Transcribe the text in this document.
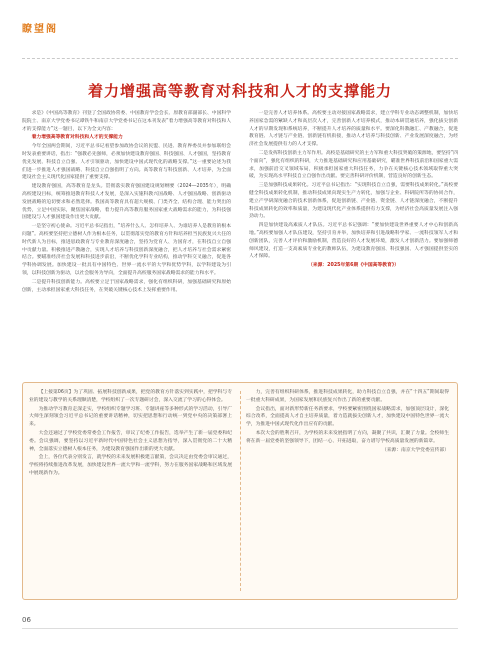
瞭望阁
着力增强高等教育对科技和人才的支撑能力

求是》《中国高等教育》刊登了全国政协常委、中国教育学会会长、原教育部副部长、中国科学院院士、南京大学党委书记谭铁牛和南京大学党委书记在这本刊发表“着力增强高等教育对科技和人才的支撑能力”这一题目，以下为全文内容：

着力增强高等教育对科技和人才的支撑能力

今年全国两会期间，习近平总书记看望参加政协会议的民盟、民进、教育界委员并参加联组会时发表重要讲话，指出：“强教必先强师，必须加快建设教育强国、科技强国、人才强国，坚持教育优先发展、科技自立自强、人才引领驱动，加快建设中国式现代化的战略支撑。”这一重要论述为我们进一步推进人才强国战略、科技自立自强指明了方向。高等教育与科技创新、人才培养，为全面建设社会主义现代化国家提供了重要支撑。

建设教育强国，高等教育是龙头。贯彻落实教育强国建设规划纲要（2024—2035年），明确高校建设目标，统筹推进教育科技人才发展，是深入实施科教兴国战略、人才强国战略、创新驱动发展战略的迫切要求和必然选择。我国高等教育具有超大规模、门类齐全、结构合理、能力突出的优势，立足中国实际，聚焦国家战略，着力提升高等教育服务国家重大战略需求的能力，为科技强国建设与人才强国建设作出更大贡献。

一是坚守初心使命。习近平总书记指出，“培养什么人、怎样培养人、为谁培养人是教育的根本问题”。高校要坚持把立德树人作为根本任务，以贯彻落实党的教育方针和培养担当民族复兴大任的时代新人为目标，推进思政教育与专业教育深度融合，坚持为党育人、为国育才，在科技自立自强中贡献力量。积极推进产教融合，实现人才培养与科技创新深度融合，把人才培养与社会需求紧密结合。要瞄准经济社会发展和科技进步前沿，不断优化学科专业结构，推动学科交叉融合，促进各学科协调发展。加快建设一批具有中国特色、世界一流水平的大学和优势学科，以学科建设为引领，以科技创新为驱动，以社会服务为导向，全面提升高校服务国家战略需求的能力和水平。

二是提升科技创新能力。高校要立足于国家战略需求，强化有组织科研，加强基础研究和原始创新，主动承担国家重大科技任务，在突破关键核心技术上发挥重要作用。

一是完善人才培养体系。高校要主动对接国家战略需求，建立学科专业动态调整机制，加快培养国家急需的紧缺人才和高层次人才，完善创新人才培养模式，推动本研贯通培养，强化拔尖创新人才的早期发现和系统培养，不断提升人才培养的质量和水平。要深化科教融汇、产教融合，促进教育链、人才链与产业链、创新链有机衔接，推动人才培养与科技创新、产业发展深度融合，为经济社会发展提供有力的人才支撑。

二是发挥科技创新主力军作用。高校是基础研究的主力军和重大科技突破的策源地，要坚持“四个面向”，强化有组织的科研，大力推进基础研究和应用基础研究，瞄准世界科技前沿和国家重大需求，加强前沿交叉领域布局，积极承担国家重大科技任务，力争在关键核心技术领域取得重大突破，为实现高水平科技自立自强作出贡献。要完善科研评价机制，营造良好的创新生态。

三是加强科技成果转化。习近平总书记指出：“实现科技自立自强，需要科技成果转化。”高校要健全科技成果转化机制，推动科技成果向现实生产力转化，加强与企业、科研院所等的协同合作，建立产学研深度融合的技术创新体系，促进创新链、产业链、资金链、人才链深度融合，不断提升科技成果转化的效率和质量，为建设现代化产业体系提供有力支撑，为经济社会高质量发展注入强劲动力。

四是加快建设高素质人才队伍。习近平总书记强调：“要加快建设世界重要人才中心和创新高地。”高校要加强人才队伍建设，坚持引育并举，加快培养和引进战略科学家、一流科技领军人才和创新团队，完善人才评价和激励机制，营造良好的人才发展环境，激发人才创新活力。要加强师德师风建设，打造一支高素质专业化的教师队伍，为建设教育强国、科技强国、人才强国提供坚实的人才保障。

（来源：2025年第6期《中国高等教育》）

【上接第06页】为了巩固、拓展科技创新成果，把党的教育方针落实到实践中，把学科与专业的建设与教学的关系理顺清楚，学校组织了一次专题研讨会，深入交流了学习的心得体会。

为推动学习教育走深走实，学校组织专题学习班、专题讲座等多种形式的学习活动，引导广大师生深刻领会习近平总书记的重要讲话精神，切实把思想和行动统一到党中央的决策部署上来。

大会还通过了学校党委常委会工作报告，审议了纪委工作报告，选举产生了新一届党委和纪委。会议强调，要坚持以习近平新时代中国特色社会主义思想为指导，深入贯彻党的二十大精神，全面落实立德树人根本任务，为建设教育强国作出新的更大贡献。

会上，各位代表分别发言，就学校的未来发展积极建言献策，会议决定由党委会审议通过，学校将持续推进改革发展，加快建设世界一流大学和一流学科，努力在服务国家战略和区域发展中展现新作为。

力，完善有组织科研体系，推进科技成果转化，助力科技自立自强，并在“十四五”期间取得一批重大科研成果，为国家发展和民族复兴作出了新的重要贡献。

会议指出，面对新形势新任务新要求，学校要紧密围绕国家战略需求，加强顶层设计，深化综合改革，全面提高人才自主培养质量，着力造就拔尖创新人才，加快建设中国特色世界一流大学，为推进中国式现代化作出应有的贡献。

本次大会的胜利召开，为学校的未来发展指明了方向，凝聚了共识，汇聚了力量。全校师生将在新一届党委的坚强领导下，团结一心、开拓进取，奋力谱写学校高质量发展的新篇章。

（来源：南京大学党委宣传部）

06
